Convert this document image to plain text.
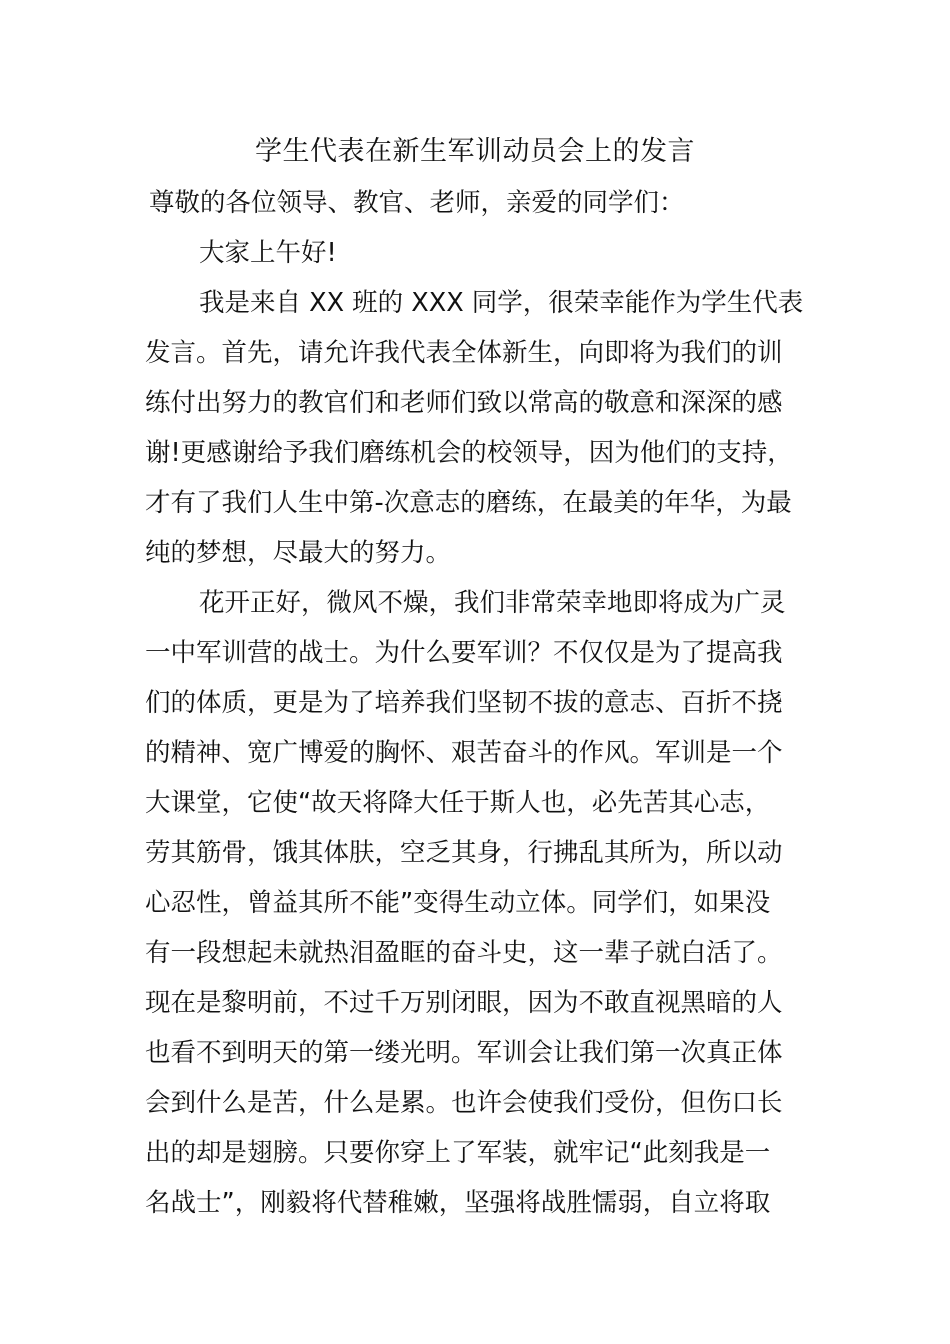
学生代表在新生军训动员会上的发言
尊敬的各位领导、教官、老师，亲爱的同学们：
大家上午好!
我是来自 XX 班的 XXX 同学，很荣幸能作为学生代表
发言。首先，请允许我代表全体新生，向即将为我们的训
练付出努力的教官们和老师们致以常高的敬意和深深的感
谢!更感谢给予我们磨练机会的校领导，因为他们的支持，
才有了我们人生中第-次意志的磨练，在最美的年华，为最
纯的梦想，尽最大的努力。
花开正好，微风不燥，我们非常荣幸地即将成为广灵
一中军训营的战士。为什么要军训？不仅仅是为了提高我
们的体质，更是为了培养我们坚韧不拔的意志、百折不挠
的精神、宽广博爱的胸怀、艰苦奋斗的作风。军训是一个
大课堂，它使“故天将降大任于斯人也，必先苦其心志，
劳其筋骨，饿其体肤，空乏其身，行拂乱其所为，所以动
心忍性，曾益其所不能”变得生动立体。同学们，如果没
有一段想起未就热泪盈眶的奋斗史，这一辈子就白活了。
现在是黎明前，不过千万别闭眼，因为不敢直视黑暗的人
也看不到明天的第一缕光明。军训会让我们第一次真正体
会到什么是苦，什么是累。也许会使我们受份，但伤口长
出的却是翅膀。只要你穿上了军装，就牢记“此刻我是一
名战士”，刚毅将代替稚嫩，坚强将战胜懦弱，自立将取
